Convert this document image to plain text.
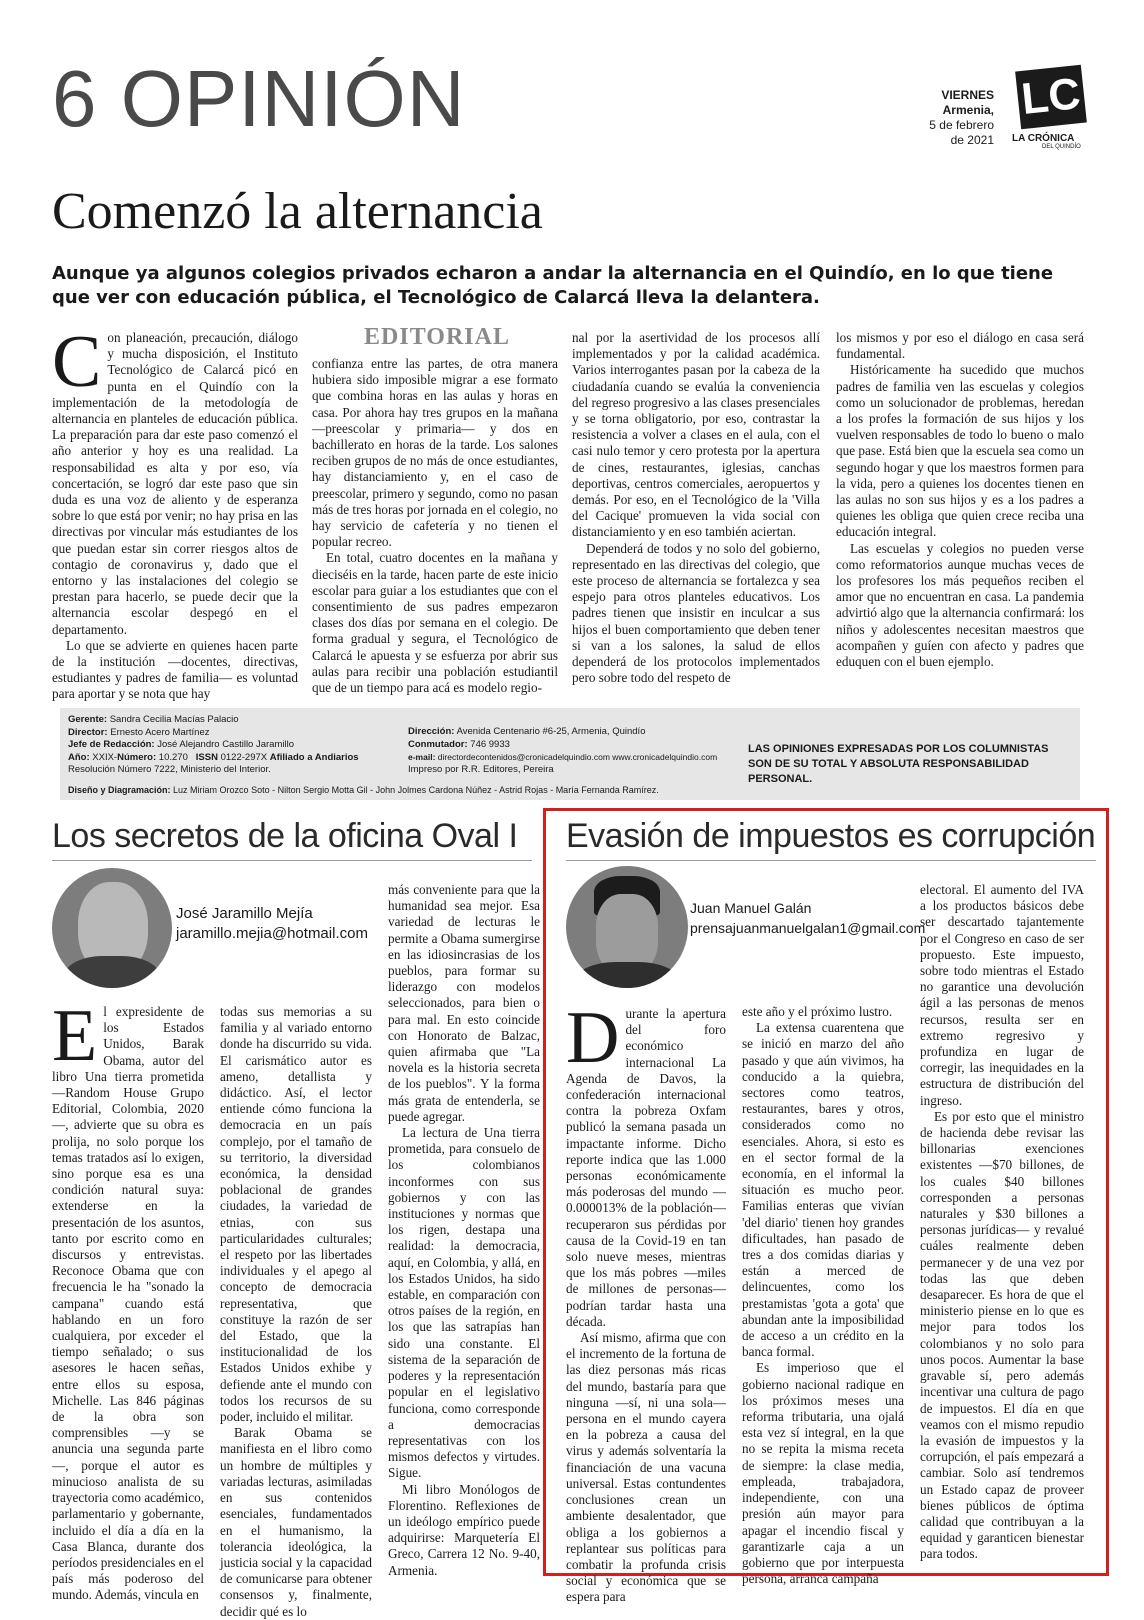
6 OPINIÓN	VIERNES
Armenia,
5 de febrero
de 2021
LC
LA CRÓNICA
DEL QUINDÍO
Comenzó la alternancia
Aunque ya algunos colegios privados echaron a andar la alternancia en el Quindío, en lo que tiene que ver con educación pública, el Tecnológico de Calarcá lleva la delantera.
EDITORIAL

Con planeación, precaución, diálogo y mucha disposición, el Instituto Tecnológico de Calarcá picó en punta en el Quindío con la implementación de la metodología de alternancia en planteles de educación pública. La preparación para dar este paso comenzó el año anterior y hoy es una realidad. La responsabilidad es alta y por eso, vía concertación, se logró dar este paso que sin duda es una voz de aliento y de esperanza sobre lo que está por venir; no hay prisa en las directivas por vincular más estudiantes de los que puedan estar sin correr riesgos altos de contagio de coronavirus y, dado que el entorno y las instalaciones del colegio se prestan para hacerlo, se puede decir que la alternancia escolar despegó en el departamento.

Lo que se advierte en quienes hacen parte de la institución —docentes, directivas, estudiantes y padres de familia— es voluntad para aportar y se nota que hay

confianza entre las partes, de otra manera hubiera sido imposible migrar a ese formato que combina horas en las aulas y horas en casa. Por ahora hay tres grupos en la mañana —preescolar y primaria— y dos en bachillerato en horas de la tarde. Los salones reciben grupos de no más de once estudiantes, hay distanciamiento y, en el caso de preescolar, primero y segundo, como no pasan más de tres horas por jornada en el colegio, no hay servicio de cafetería y no tienen el popular recreo.

En total, cuatro docentes en la mañana y dieciséis en la tarde, hacen parte de este inicio escolar para guiar a los estudiantes que con el consentimiento de sus padres empezaron clases dos días por semana en el colegio. De forma gradual y segura, el Tecnológico de Calarcá le apuesta y se esfuerza por abrir sus aulas para recibir una población estudiantil que de un tiempo para acá es modelo regio-

nal por la asertividad de los procesos allí implementados y por la calidad académica. Varios interrogantes pasan por la cabeza de la ciudadanía cuando se evalúa la conveniencia del regreso progresivo a las clases presenciales y se torna obligatorio, por eso, contrastar la resistencia a volver a clases en el aula, con el casi nulo temor y cero protesta por la apertura de cines, restaurantes, iglesias, canchas deportivas, centros comerciales, aeropuertos y demás. Por eso, en el Tecnológico de la 'Villa del Cacique' promueven la vida social con distanciamiento y en eso también aciertan.

Dependerá de todos y no solo del gobierno, representado en las directivas del colegio, que este proceso de alternancia se fortalezca y sea espejo para otros planteles educativos. Los padres tienen que insistir en inculcar a sus hijos el buen comportamiento que deben tener si van a los salones, la salud de ellos dependerá de los protocolos implementados pero sobre todo del respeto de

los mismos y por eso el diálogo en casa será fundamental.

Históricamente ha sucedido que muchos padres de familia ven las escuelas y colegios como un solucionador de problemas, heredan a los profes la formación de sus hijos y los vuelven responsables de todo lo bueno o malo que pase. Está bien que la escuela sea como un segundo hogar y que los maestros formen para la vida, pero a quienes los docentes tienen en las aulas no son sus hijos y es a los padres a quienes les obliga que quien crece reciba una educación integral.

Las escuelas y colegios no pueden verse como reformatorios aunque muchas veces de los profesores los más pequeños reciben el amor que no encuentran en casa. La pandemia advirtió algo que la alternancia confirmará: los niños y adolescentes necesitan maestros que acompañen y guíen con afecto y padres que eduquen con el buen ejemplo.

Gerente: Sandra Cecilia Macías Palacio
Director: Ernesto Acero Martínez
Jefe de Redacción: José Alejandro Castillo Jaramillo
Año: XXIX-Número: 10.270 ISSN 0122-297X Afiliado a Andiarios
Resolución Número 7222, Ministerio del Interior.
Dirección: Avenida Centenario #6-25, Armenia, Quindío
Conmutador: 746 9933
e-mail: directordecontenidos@cronicadelquindio.com www.cronicadelquindio.com
Impreso por R.R. Editores, Pereira
Diseño y Diagramación: Luz Miriam Orozco Soto - Nilton Sergio Motta Gil - John Jolmes Cardona Núñez - Astrid Rojas - María Fernanda Ramírez.
LAS OPINIONES EXPRESADAS POR LOS COLUMNISTAS SON DE SU TOTAL Y ABSOLUTA RESPONSABILIDAD PERSONAL.
Los secretos de la oficina Oval I
José Jaramillo Mejía
jaramillo.mejia@hotmail.com

El expresidente de los Estados Unidos, Barak Obama, autor del libro Una tierra prometida —Random House Grupo Editorial, Colombia, 2020—, advierte que su obra es prolija, no solo porque los temas tratados así lo exigen, sino porque esa es una condición natural suya: extenderse en la presentación de los asuntos, tanto por escrito como en discursos y entrevistas. Reconoce Obama que con frecuencia le ha "sonado la campana" cuando está hablando en un foro cualquiera, por exceder el tiempo señalado; o sus asesores le hacen señas, entre ellos su esposa, Michelle. Las 846 páginas de la obra son comprensibles —y se anuncia una segunda parte—, porque el autor es minucioso analista de su trayectoria como académico, parlamentario y gobernante, incluido el día a día en la Casa Blanca, durante dos períodos presidenciales en el país más poderoso del mundo. Además, vincula en

todas sus memorias a su familia y al variado entorno donde ha discurrido su vida. El carismático autor es ameno, detallista y didáctico. Así, el lector entiende cómo funciona la democracia en un país complejo, por el tamaño de su territorio, la diversidad económica, la densidad poblacional de grandes ciudades, la variedad de etnias, con sus particularidades culturales; el respeto por las libertades individuales y el apego al concepto de democracia representativa, que constituye la razón de ser del Estado, que la institucionalidad de los Estados Unidos exhibe y defiende ante el mundo con todos los recursos de su poder, incluido el militar.

Barak Obama se manifiesta en el libro como un hombre de múltiples y variadas lecturas, asimiladas en sus contenidos esenciales, fundamentados en el humanismo, la tolerancia ideológica, la justicia social y la capacidad de comunicarse para obtener consensos y, finalmente, decidir qué es lo

más conveniente para que la humanidad sea mejor. Esa variedad de lecturas le permite a Obama sumergirse en las idiosincrasias de los pueblos, para formar su liderazgo con modelos seleccionados, para bien o para mal. En esto coincide con Honorato de Balzac, quien afirmaba que "La novela es la historia secreta de los pueblos". Y la forma más grata de entenderla, se puede agregar.

La lectura de Una tierra prometida, para consuelo de los colombianos inconformes con sus gobiernos y con las instituciones y normas que los rigen, destapa una realidad: la democracia, aquí, en Colombia, y allá, en los Estados Unidos, ha sido estable, en comparación con otros países de la región, en los que las satrapías han sido una constante. El sistema de la separación de poderes y la representación popular en el legislativo funciona, como corresponde a democracias representativas con los mismos defectos y virtudes. Sigue.

Mi libro Monólogos de Florentino. Reflexiones de un ideólogo empírico puede adquirirse: Marquetería El Greco, Carrera 12 No. 9-40, Armenia.

Evasión de impuestos es corrupción
Juan Manuel Galán
prensajuanmanuelgalan1@gmail.com

Durante la apertura del foro económico internacional La Agenda de Davos, la confederación internacional contra la pobreza Oxfam publicó la semana pasada un impactante informe. Dicho reporte indica que las 1.000 personas económicamente más poderosas del mundo —0.000013% de la población— recuperaron sus pérdidas por causa de la Covid-19 en tan solo nueve meses, mientras que los más pobres —miles de millones de personas— podrían tardar hasta una década.

Así mismo, afirma que con el incremento de la fortuna de las diez personas más ricas del mundo, bastaría para que ninguna —sí, ni una sola— persona en el mundo cayera en la pobreza a causa del virus y además solventaría la financiación de una vacuna universal. Estas contundentes conclusiones crean un ambiente desalentador, que obliga a los gobiernos a replantear sus políticas para combatir la profunda crisis social y económica que se espera para

este año y el próximo lustro.

La extensa cuarentena que se inició en marzo del año pasado y que aún vivimos, ha conducido a la quiebra, sectores como teatros, restaurantes, bares y otros, considerados como no esenciales. Ahora, si esto es en el sector formal de la economía, en el informal la situación es mucho peor. Familias enteras que vivían 'del diario' tienen hoy grandes dificultades, han pasado de tres a dos comidas diarias y están a merced de delincuentes, como los prestamistas 'gota a gota' que abundan ante la imposibilidad de acceso a un crédito en la banca formal.

Es imperioso que el gobierno nacional radique en los próximos meses una reforma tributaria, una ojalá esta vez sí integral, en la que no se repita la misma receta de siempre: la clase media, empleada, trabajadora, independiente, con una presión aún mayor para apagar el incendio fiscal y garantizarle caja a un gobierno que por interpuesta persona, arranca campaña

electoral. El aumento del IVA a los productos básicos debe ser descartado tajantemente por el Congreso en caso de ser propuesto. Este impuesto, sobre todo mientras el Estado no garantice una devolución ágil a las personas de menos recursos, resulta ser en extremo regresivo y profundiza en lugar de corregir, las inequidades en la estructura de distribución del ingreso.

Es por esto que el ministro de hacienda debe revisar las billonarias exenciones existentes —$70 billones, de los cuales $40 billones corresponden a personas naturales y $30 billones a personas jurídicas— y revalué cuáles realmente deben permanecer y de una vez por todas las que deben desaparecer. Es hora de que el ministerio piense en lo que es mejor para todos los colombianos y no solo para unos pocos. Aumentar la base gravable sí, pero además incentivar una cultura de pago de impuestos. El día en que veamos con el mismo repudio la evasión de impuestos y la corrupción, el país empezará a cambiar. Solo así tendremos un Estado capaz de proveer bienes públicos de óptima calidad que contribuyan a la equidad y garanticen bienestar para todos.
